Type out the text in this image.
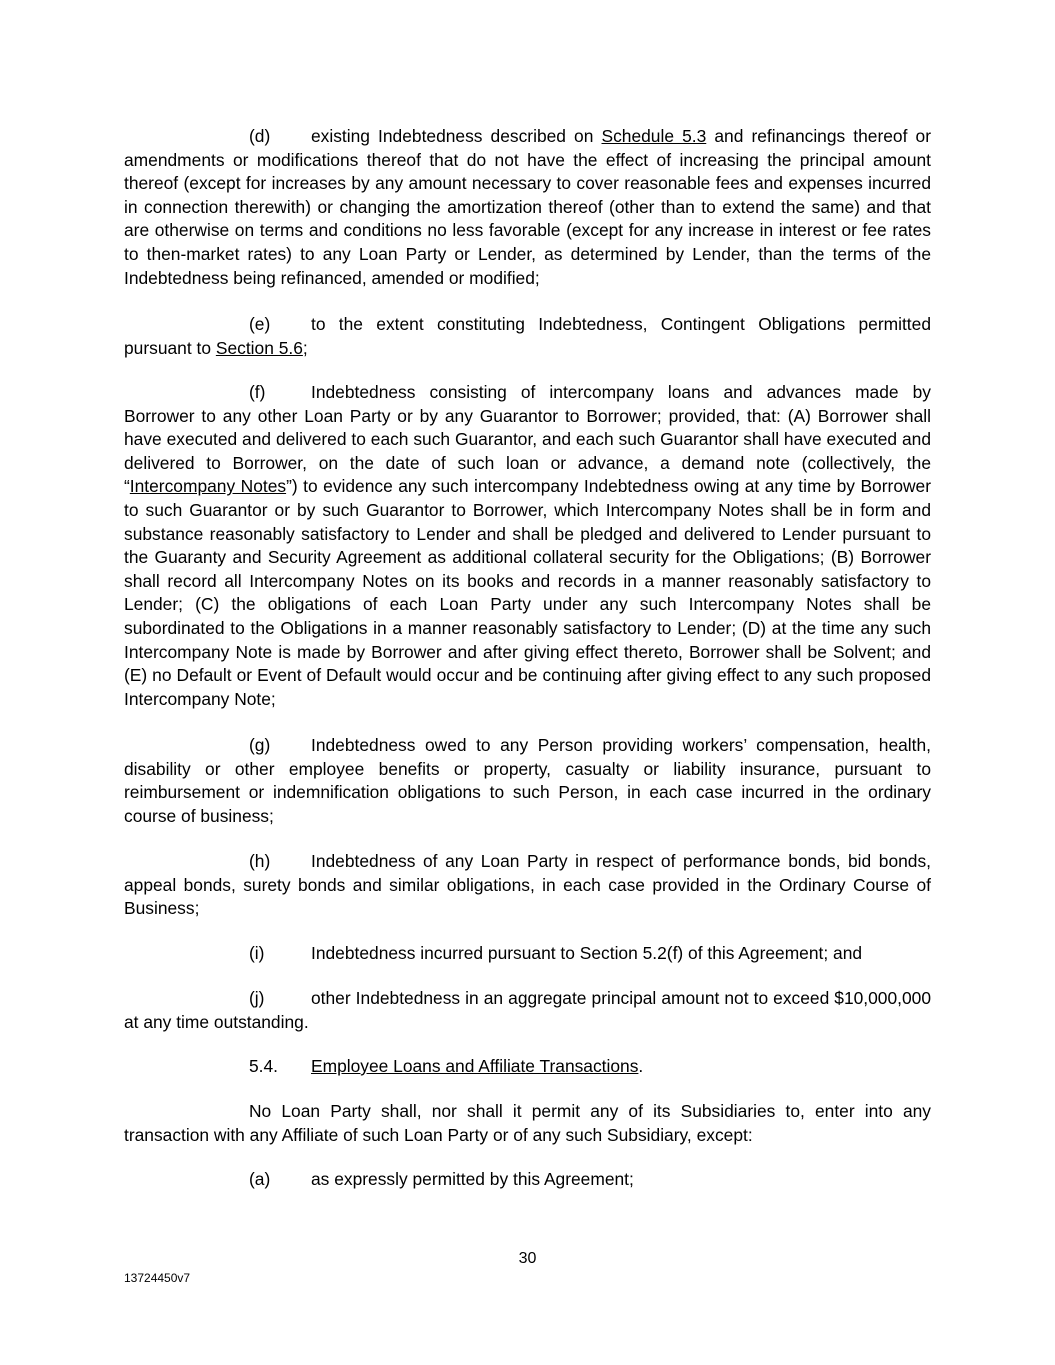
(d) existing Indebtedness described on Schedule 5.3 and refinancings thereof or amendments or modifications thereof that do not have the effect of increasing the principal amount thereof (except for increases by any amount necessary to cover reasonable fees and expenses incurred in connection therewith) or changing the amortization thereof (other than to extend the same) and that are otherwise on terms and conditions no less favorable (except for any increase in interest or fee rates to then-market rates) to any Loan Party or Lender, as determined by Lender, than the terms of the Indebtedness being refinanced, amended or modified;

(e) to the extent constituting Indebtedness, Contingent Obligations permitted pursuant to Section 5.6;

(f)	Indebtedness consisting of intercompany loans and advances made by Borrower to any other Loan Party or by any Guarantor to Borrower; provided, that: (A) Borrower shall have executed and delivered to each such Guarantor, and each such Guarantor shall have executed and delivered to Borrower, on the date of such loan or advance, a demand note (collectively, the “Intercompany Notes”) to evidence any such intercompany Indebtedness owing at any time by Borrower to such Guarantor or by such Guarantor to Borrower, which Intercompany Notes shall be in form and substance reasonably satisfactory to Lender and shall be pledged and delivered to Lender pursuant to the Guaranty and Security Agreement as additional collateral security for the Obligations; (B) Borrower shall record all Intercompany Notes on its books and records in a manner reasonably satisfactory to Lender; (C) the obligations of each Loan Party under any such Intercompany Notes shall be subordinated to the Obligations in a manner reasonably satisfactory to Lender; (D) at the time any such Intercompany Note is made by Borrower and after giving effect thereto, Borrower shall be Solvent; and (E) no Default or Event of Default would occur and be continuing after giving effect to any such proposed Intercompany Note;

(g) Indebtedness owed to any Person providing workers’ compensation, health, disability or other employee benefits or property, casualty or liability insurance, pursuant to reimbursement or indemnification obligations to such Person, in each case incurred in the ordinary course of business;

(h) Indebtedness of any Loan Party in respect of performance bonds, bid bonds, appeal bonds, surety bonds and similar obligations, in each case provided in the Ordinary Course of Business;

(i)	Indebtedness incurred pursuant to Section 5.2(f) of this Agreement; and

(j)	other Indebtedness in an aggregate principal amount not to exceed $10,000,000 at any time outstanding.

5.4. Employee Loans and Affiliate Transactions.

No Loan Party shall, nor shall it permit any of its Subsidiaries to, enter into any transaction with any Affiliate of such Loan Party or of any such Subsidiary, except:

(a) as expressly permitted by this Agreement;

30
13724450v7
